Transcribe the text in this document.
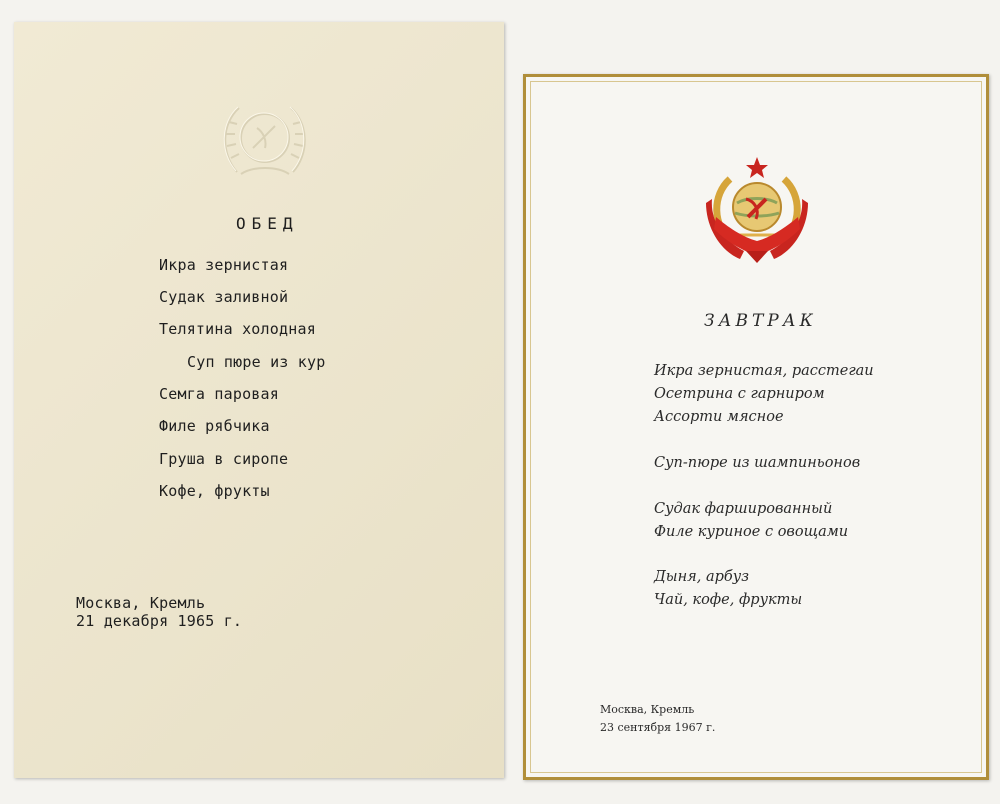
ОБЕД
Икра зернистая
Судак заливной
Телятина холодная
Суп пюре из кур
Семга паровая
Филе рябчика
Груша в сиропе
Кофе, фрукты
Москва, Кремль
21 декабря 1965 г.
ЗАВТРАК
Икра зернистая, расстегаи
Осетрина с гарниром
Ассорти мясное
Суп-пюре из шампиньонов
Судак фаршированный
Филе куриное с овощами
Дыня, арбуз
Чай, кофе, фрукты
Москва, Кремль
23 сентября 1967 г.
